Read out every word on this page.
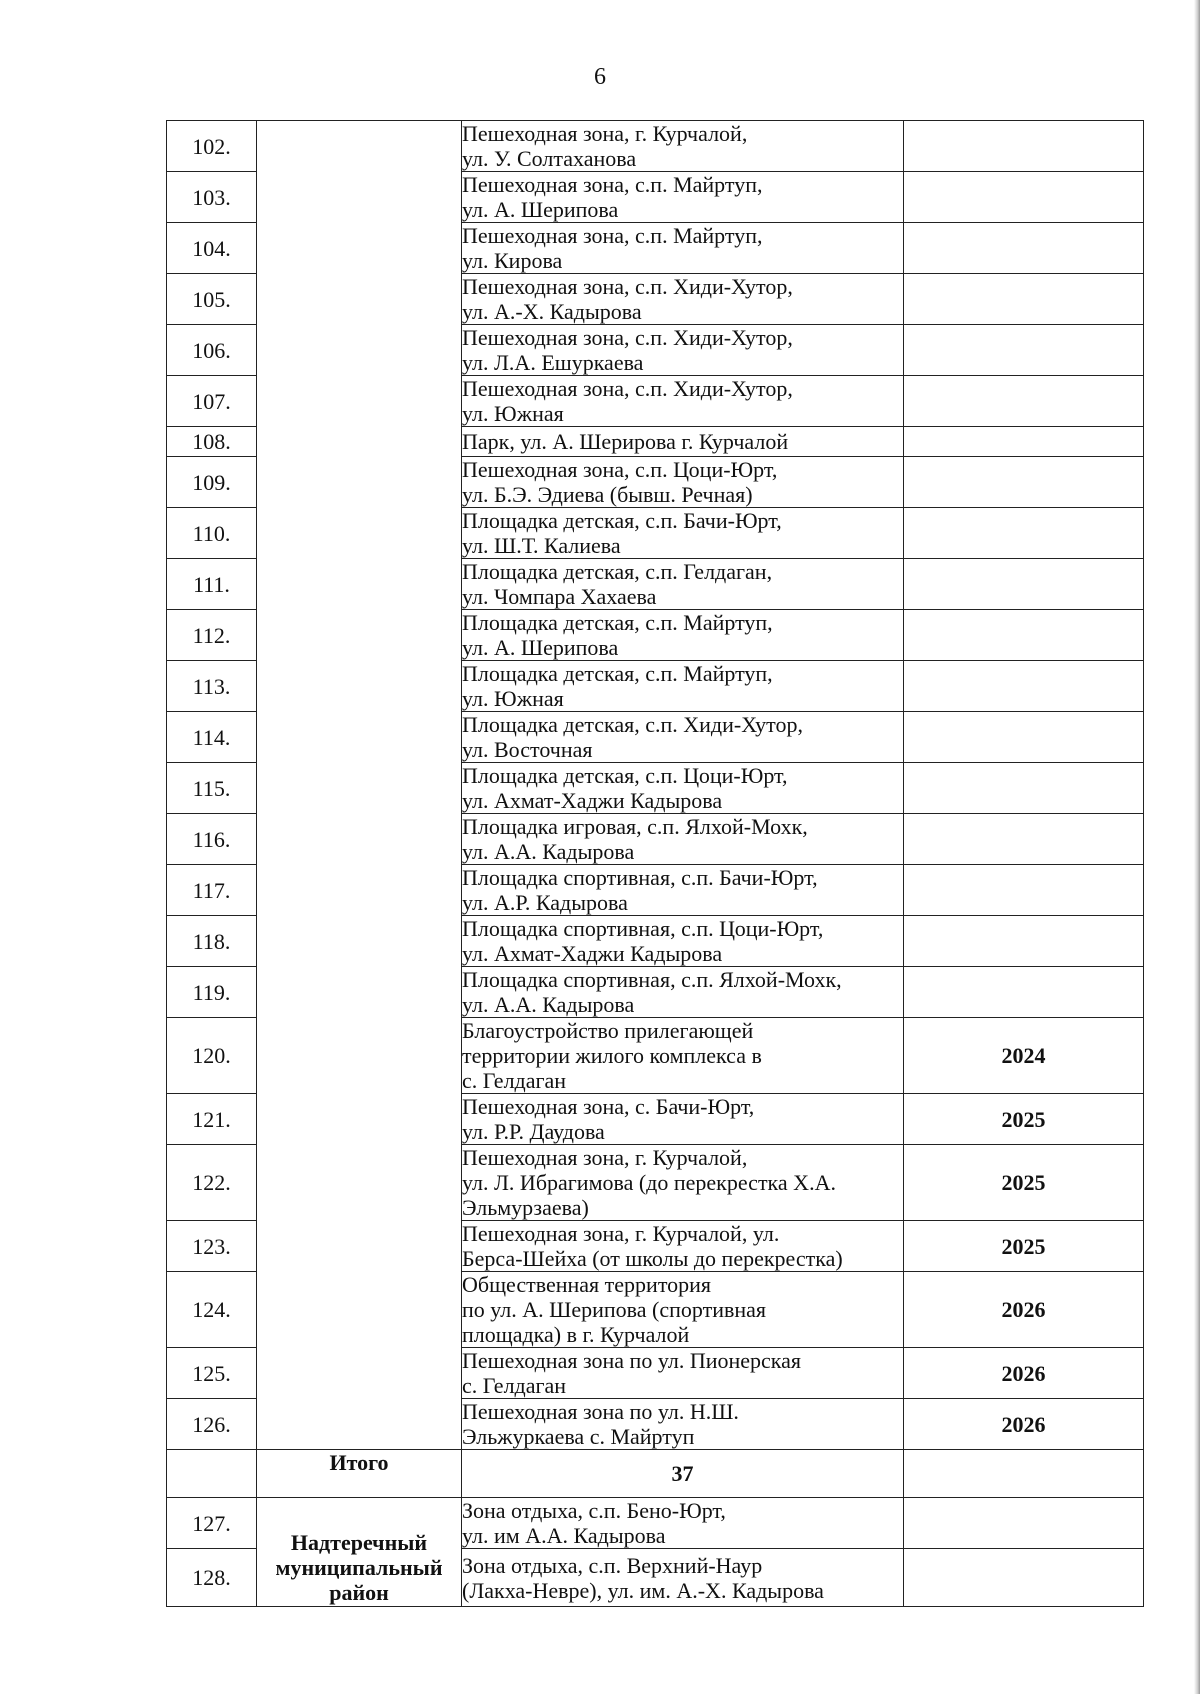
6
102.		Пешеходная зона, г. Курчалой,
ул. У. Солтаханова	

103.		Пешеходная зона, с.п. Майртуп,
ул. А. Шерипова	

104.		Пешеходная зона, с.п. Майртуп,
ул. Кирова	

105.		Пешеходная зона, с.п. Хиди-Хутор,
ул. А.-Х. Кадырова	

106.		Пешеходная зона, с.п. Хиди-Хутор,
ул. Л.А. Ешуркаева	

107.		Пешеходная зона, с.п. Хиди-Хутор,
ул. Южная	

108.		Парк, ул. А. Шерирова г. Курчалой	

109.		Пешеходная зона, с.п. Цоци-Юрт,
ул. Б.Э. Эдиева (бывш. Речная)	

110.		Площадка детская, с.п. Бачи-Юрт,
ул. Ш.Т. Калиева	

111.		Площадка детская, с.п. Гелдаган,
ул. Чомпара Хахаева	

112.		Площадка детская, с.п. Майртуп,
ул. А. Шерипова	

113.		Площадка детская, с.п. Майртуп,
ул. Южная	

114.		Площадка детская, с.п. Хиди-Хутор,
ул. Восточная	

115.		Площадка детская, с.п. Цоци-Юрт,
ул. Ахмат-Хаджи Кадырова	

116.		Площадка игровая, с.п. Ялхой-Мохк,
ул. А.А. Кадырова	

117.		Площадка спортивная, с.п. Бачи-Юрт,
ул. А.Р. Кадырова	

118.		Площадка спортивная, с.п. Цоци-Юрт,
ул. Ахмат-Хаджи Кадырова	

119.		Площадка спортивная, с.п. Ялхой-Мохк,
ул. А.А. Кадырова	

120.		Благоустройство прилегающей
территории жилого комплекса в
с. Гелдаган	2024
121.		Пешеходная зона, с. Бачи-Юрт,
ул. Р.Р. Даудова	2025
122.		Пешеходная зона, г. Курчалой,
ул. Л. Ибрагимова (до перекрестка Х.А.
Эльмурзаева)	2025
123.		Пешеходная зона, г. Курчалой, ул.
Берса-Шейха (от школы до перекрестка)	2025
124.		Общественная территория
по ул. А. Шерипова (спортивная
площадка) в г. Курчалой	2026
125.		Пешеходная зона по ул. Пионерская
с. Гелдаган	2026
126.		Пешеходная зона по ул. Н.Ш.
Эльжуркаева с. Майртуп	2026
	Итого	37	
127.	Надтеречный муниципальный район	Зона отдыха, с.п. Бено-Юрт,
ул. им А.А. Кадырова	

128.		Зона отдыха, с.п. Верхний-Наур
(Лакха-Невре), ул. им. А.-Х. Кадырова	
